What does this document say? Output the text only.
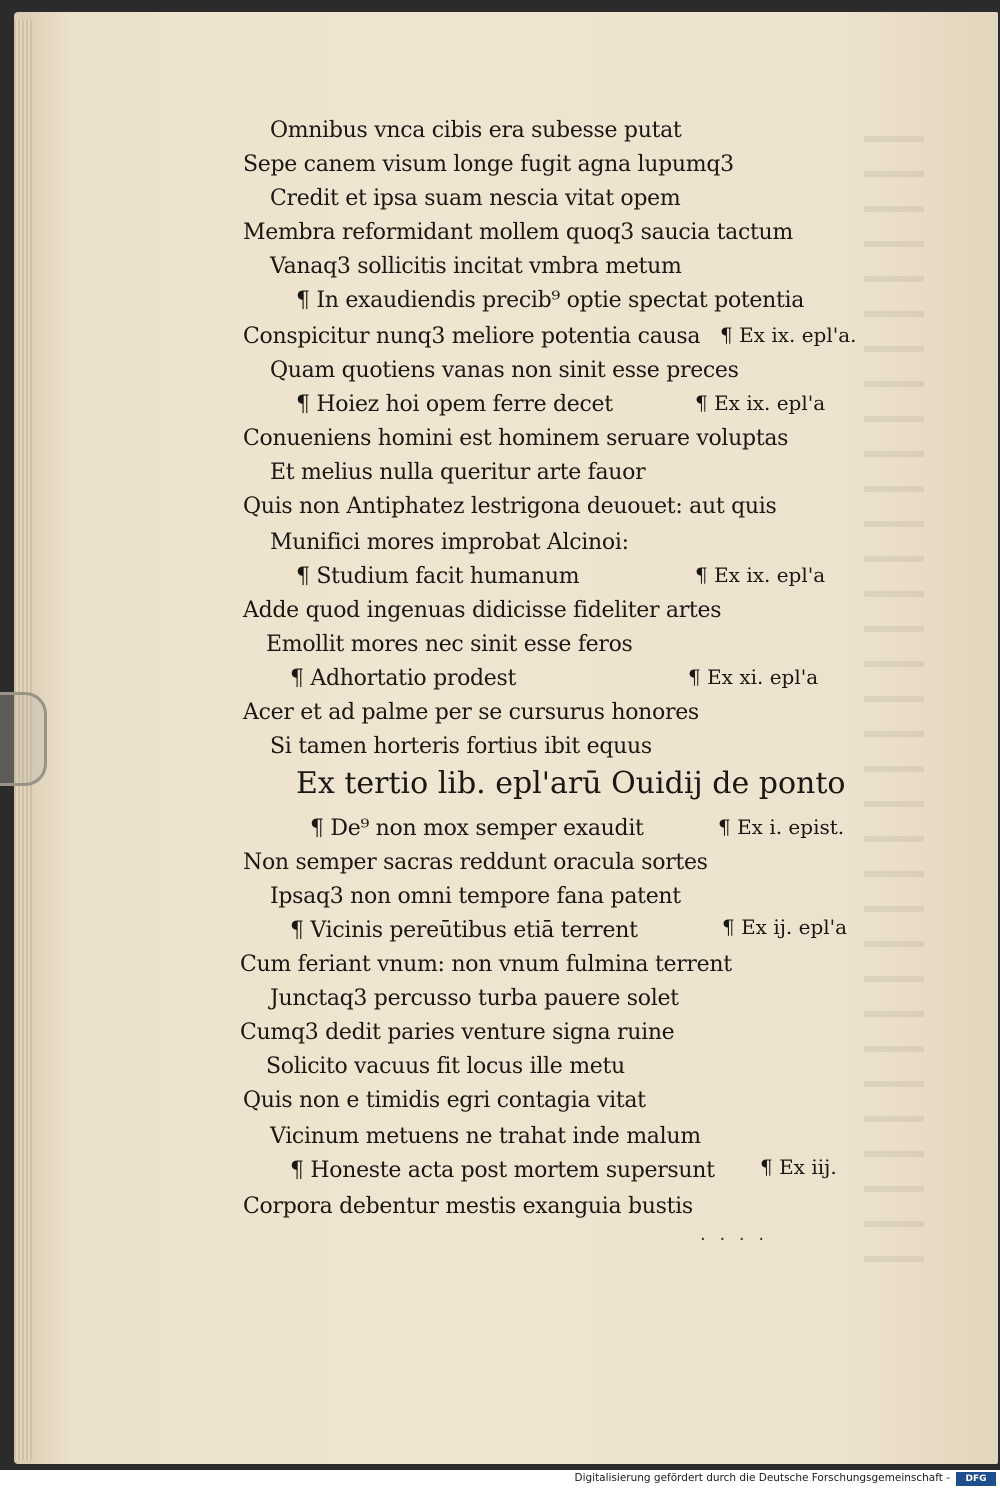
Omnibus vnca cibis era subesse putat
Sepe canem visum longe fugit agna lupumq3
Credit et ipsa suam nescia vitat opem
Membra reformidant mollem quoq3 saucia tactum
Vanaq3 sollicitis incitat vmbra metum
¶ In exaudiendis precib⁹ optie spectat potentia
Conspicitur nunq3 meliore potentia causa ¶ Ex ix. epl'a.
Quam quotiens vanas non sinit esse preces
¶ Hoiez hoi opem ferre decet	¶ Ex ix. epl'a
Conueniens homini est hominem seruare voluptas
Et melius nulla queritur arte fauor
Quis non Antiphatez lestrigona deuouet: aut quis
Munifici mores improbat Alcinoi:
¶ Studium facit humanum	¶ Ex ix. epl'a
Adde quod ingenuas didicisse fideliter artes
Emollit mores nec sinit esse feros
¶ Adhortatio prodest	¶ Ex xi. epl'a
Acer et ad palme per se cursurus honores
Si tamen horteris fortius ibit equus
Ex tertio lib. epl'arū Ouidij de ponto
¶ De⁹ non mox semper exaudit	¶ Ex i. epist.
Non semper sacras reddunt oracula sortes
Ipsaq3 non omni tempore fana patent
¶ Vicinis pereūtibus etiā terrent	¶ Ex ij. epl'a
Cum feriant vnum: non vnum fulmina terrent
Junctaq3 percusso turba pauere solet
Cumq3 dedit paries venture signa ruine
Solicito vacuus fit locus ille metu
Quis non e timidis egri contagia vitat
Vicinum metuens ne trahat inde malum
¶ Honeste acta post mortem supersunt ¶ Ex iij.
Corpora debentur mestis exanguia bustis
. . . .
Digitalisierung gefördert durch die Deutsche Forschungsgemeinschaft -	DFG
